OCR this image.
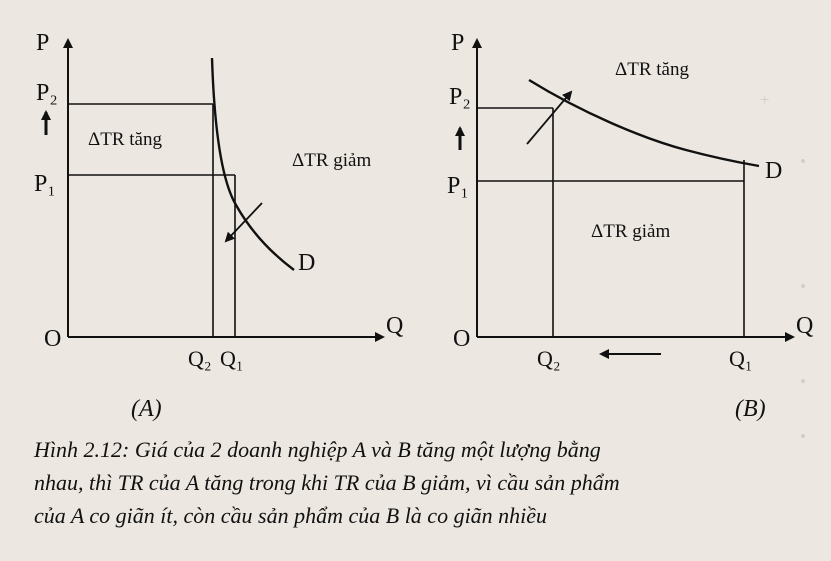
+
•
•
•
•
P
P₂
P₁
O	Q
Q₂ Q₁
D
ΔTR tăng
ΔTR giảm
P
P₂
P₁
O	Q
Q₂	Q₁
D
ΔTR tăng
ΔTR giảm
(A)	(B)
Hình 2.12: Giá của 2 doanh nghiệp A và B tăng một lượng bằng
nhau, thì TR của A tăng trong khi TR của B giảm, vì cầu sản phẩm
của A co giãn ít, còn cầu sản phẩm của B là co giãn nhiều
